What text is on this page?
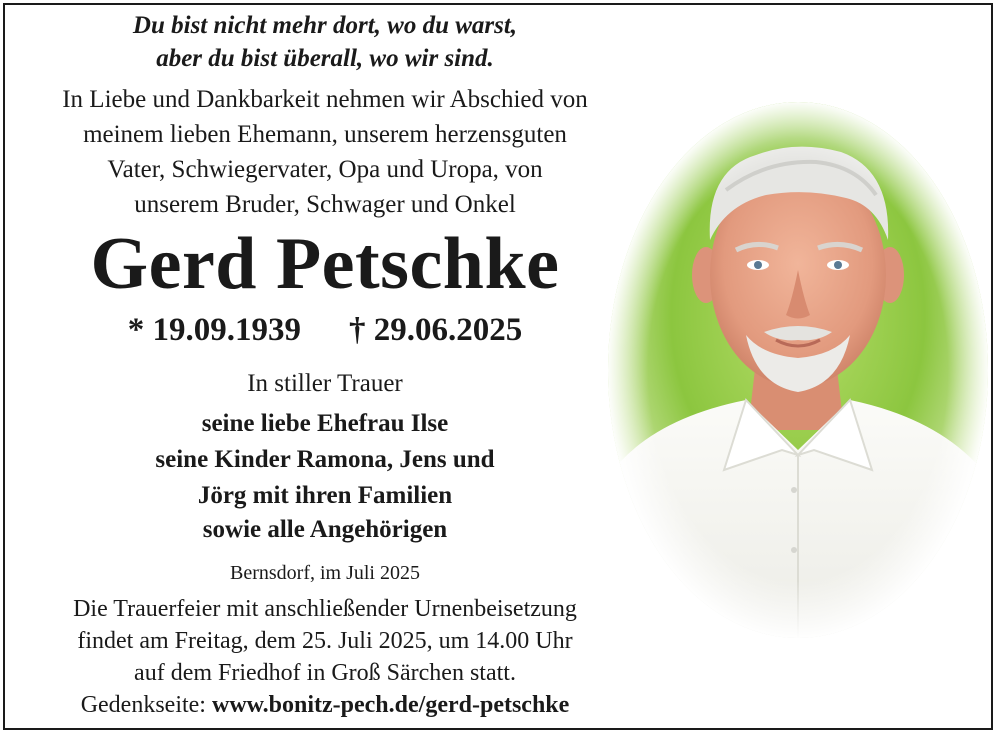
Du bist nicht mehr dort, wo du warst,
aber du bist überall, wo wir sind.
In Liebe und Dankbarkeit nehmen wir Abschied von
meinem lieben Ehemann, unserem herzensguten
Vater, Schwiegervater, Opa und Uropa, von
unserem Bruder, Schwager und Onkel
Gerd Petschke
* 19.09.1939 † 29.06.2025
In stiller Trauer
seine liebe Ehefrau Ilse
seine Kinder Ramona, Jens und
Jörg mit ihren Familien
sowie alle Angehörigen
Bernsdorf, im Juli 2025
Die Trauerfeier mit anschließender Urnenbeisetzung
findet am Freitag, dem 25. Juli 2025, um 14.00 Uhr
auf dem Friedhof in Groß Särchen statt.
Gedenkseite: www.bonitz-pech.de/gerd-petschke
